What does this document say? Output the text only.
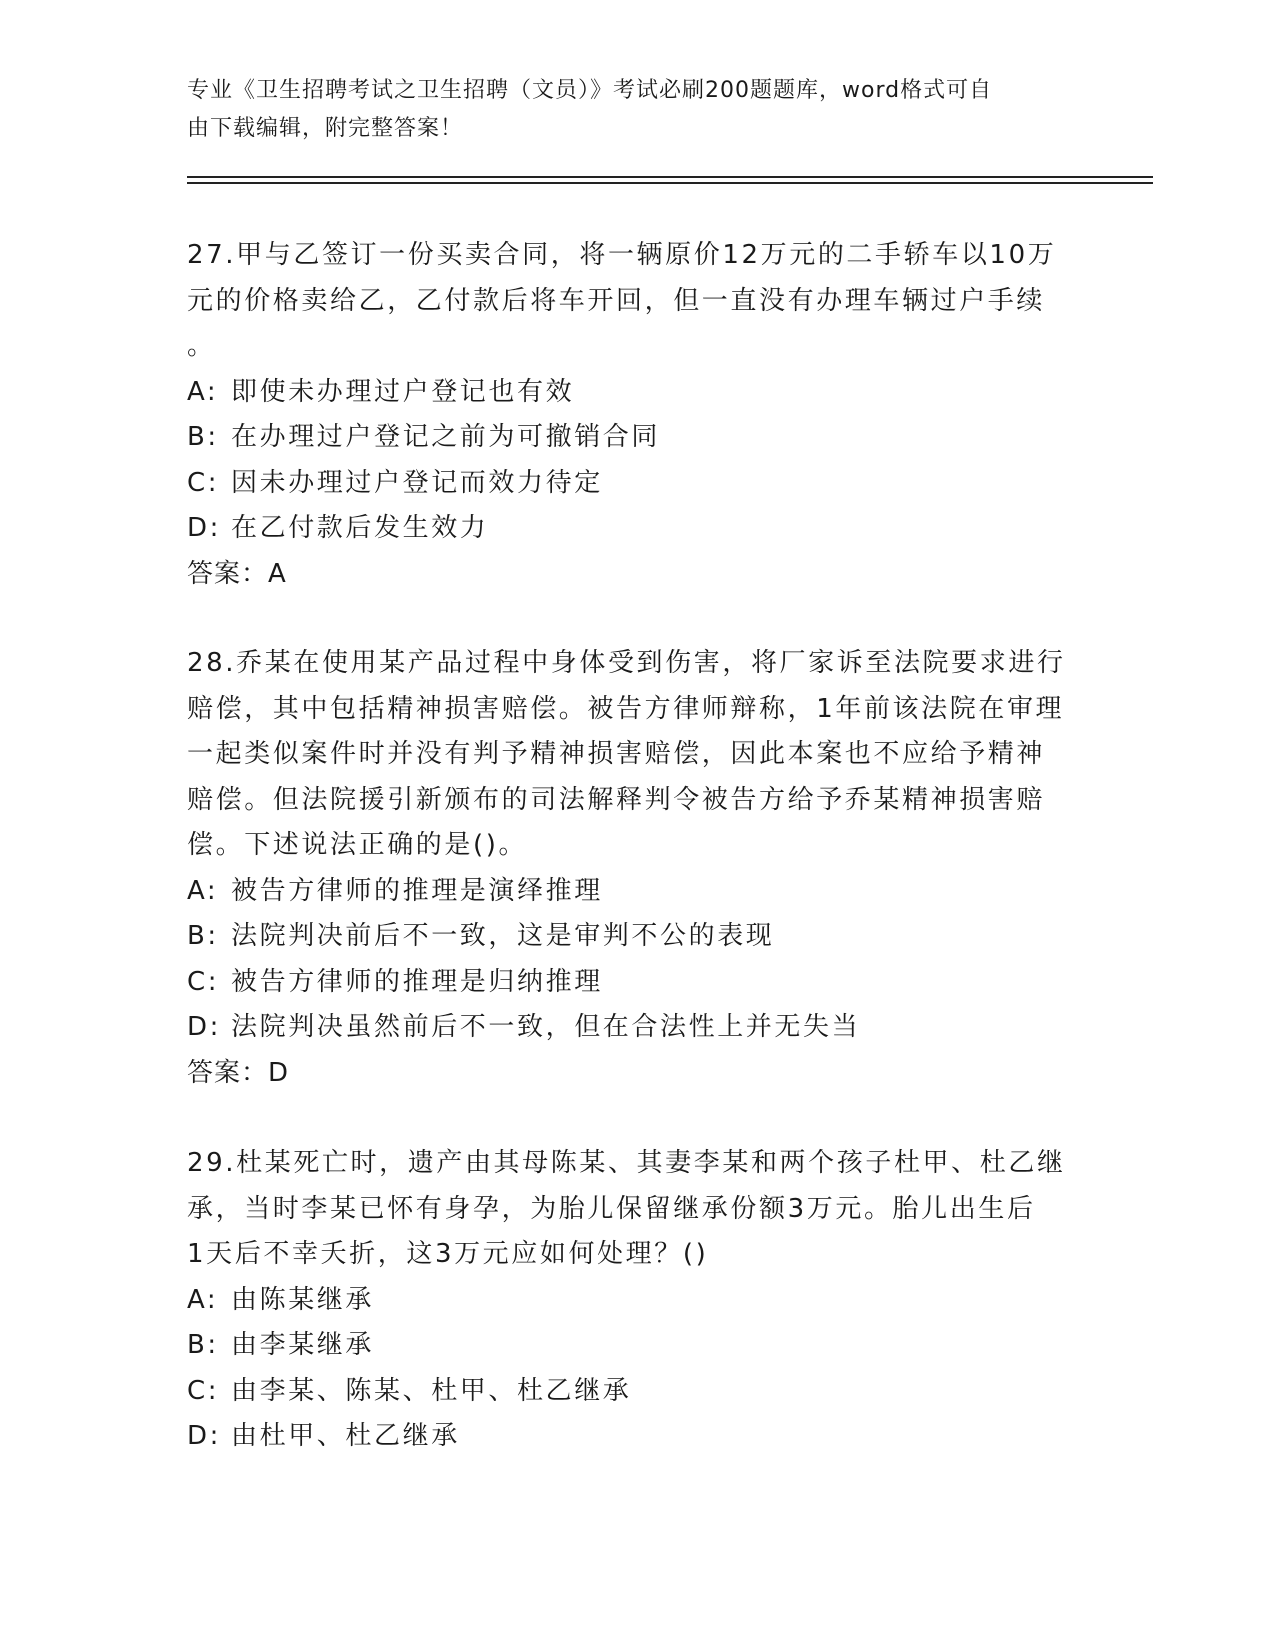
专业《卫生招聘考试之卫生招聘（文员）》考试必刷200题题库，word格式可自
由下载编辑，附完整答案！

27.甲与乙签订一份买卖合同，将一辆原价12万元的二手轿车以10万

元的价格卖给乙，乙付款后将车开回，但一直没有办理车辆过户手续

。

A: 即使未办理过户登记也有效

B: 在办理过户登记之前为可撤销合同

C: 因未办理过户登记而效力待定

D: 在乙付款后发生效力

答案：A

28.乔某在使用某产品过程中身体受到伤害，将厂家诉至法院要求进行

赔偿，其中包括精神损害赔偿。被告方律师辩称，1年前该法院在审理

一起类似案件时并没有判予精神损害赔偿，因此本案也不应给予精神

赔偿。但法院援引新颁布的司法解释判令被告方给予乔某精神损害赔

偿。下述说法正确的是()。

A: 被告方律师的推理是演绎推理

B: 法院判决前后不一致，这是审判不公的表现

C: 被告方律师的推理是归纳推理

D: 法院判决虽然前后不一致，但在合法性上并无失当

答案：D

29.杜某死亡时，遗产由其母陈某、其妻李某和两个孩子杜甲、杜乙继

承，当时李某已怀有身孕，为胎儿保留继承份额3万元。胎儿出生后

1天后不幸夭折，这3万元应如何处理？()

A: 由陈某继承

B: 由李某继承

C: 由李某、陈某、杜甲、杜乙继承

D: 由杜甲、杜乙继承
